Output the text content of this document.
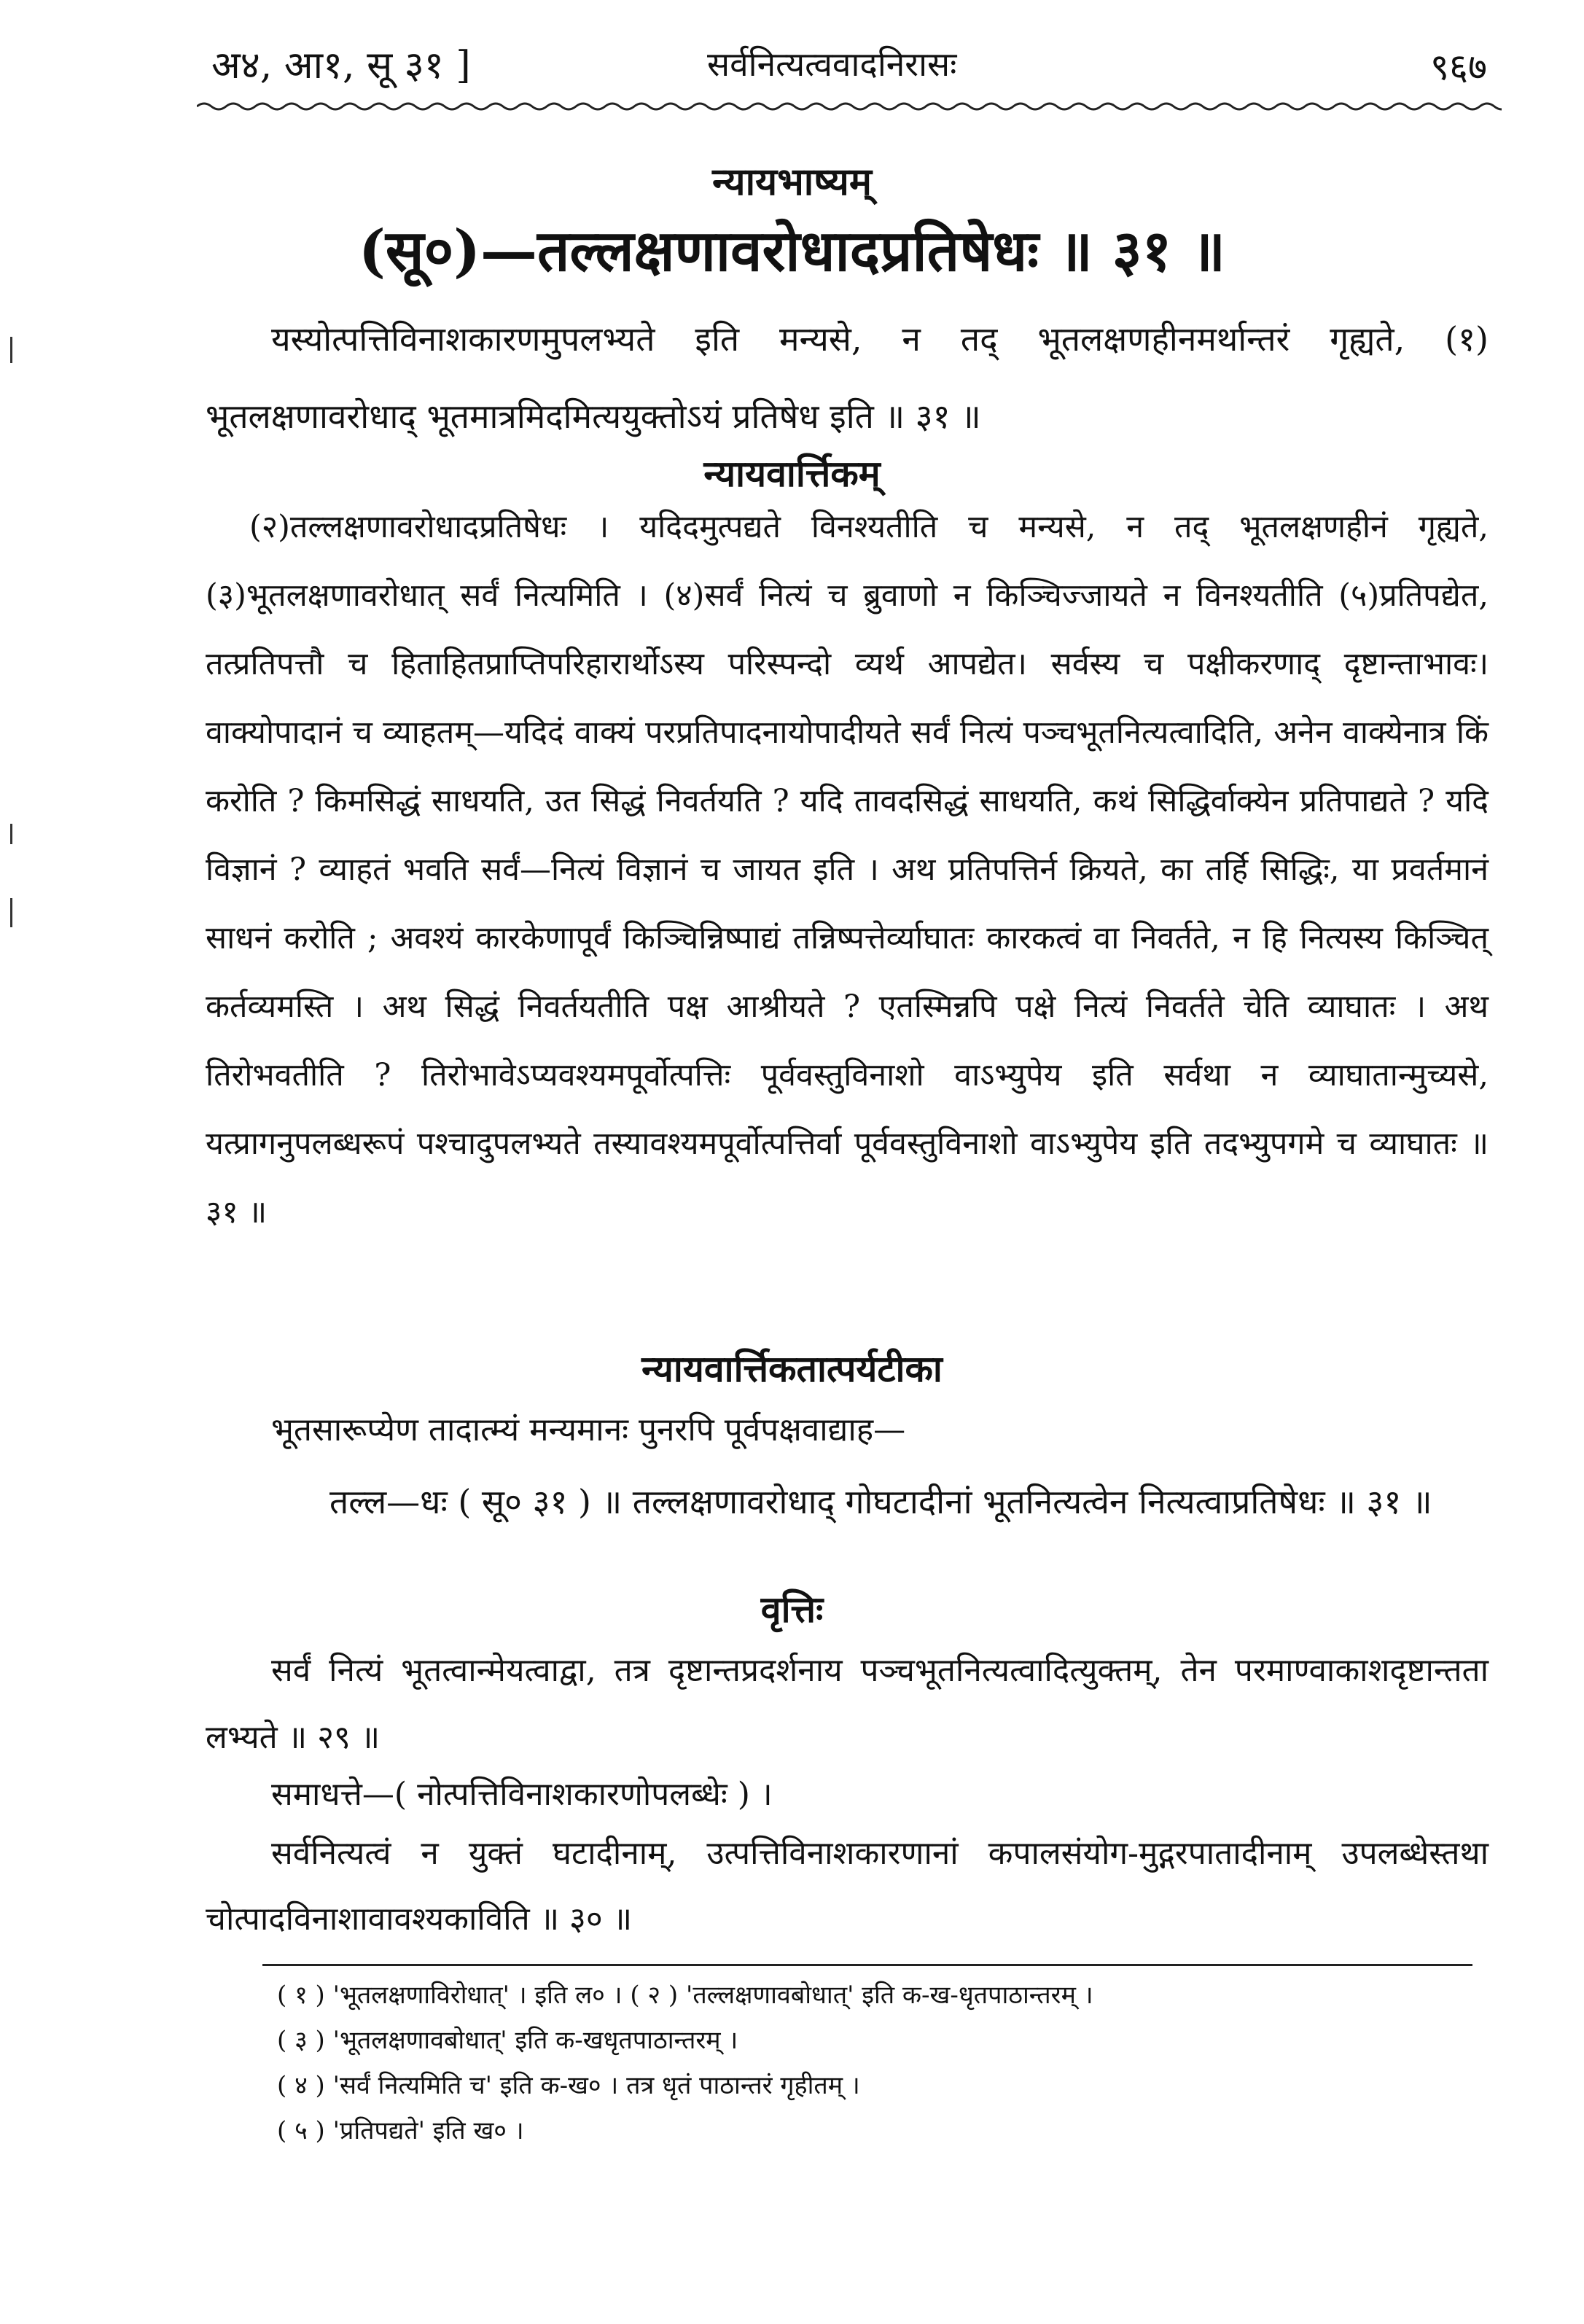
अ४, आ१, सू ३१ ]	सर्वनित्यत्ववादनिरासः	९६७
न्यायभाष्यम्
(सू०)—तल्लक्षणावरोधादप्रतिषेधः ॥ ३१ ॥
यस्योत्पत्तिविनाशकारणमुपलभ्यते इति मन्यसे, न तद् भूतलक्षणहीनमर्थान्तरं गृह्यते, (१) भूतलक्षणावरोधाद् भूतमात्रमिदमित्ययुक्तोऽयं प्रतिषेध इति ॥ ३१ ॥
न्यायवार्त्तिकम्
(२)तल्लक्षणावरोधादप्रतिषेधः । यदिदमुत्पद्यते विनश्यतीति च मन्यसे, न तद् भूतलक्षणहीनं गृह्यते, (३)भूतलक्षणावरोधात् सर्वं नित्यमिति । (४)सर्वं नित्यं च ब्रुवाणो न किञ्चिज्जायते न विनश्यतीति (५)प्रतिपद्येत, तत्प्रतिपत्तौ च हिताहितप्राप्तिपरिहारार्थोऽस्य परिस्पन्दो व्यर्थ आपद्येत। सर्वस्य च पक्षीकरणाद् दृष्टान्ताभावः। वाक्योपादानं च व्याहतम्—यदिदं वाक्यं परप्रतिपादनायोपादीयते सर्वं नित्यं पञ्चभूतनित्यत्वादिति, अनेन वाक्येनात्र किं करोति ? किमसिद्धं साधयति, उत सिद्धं निवर्तयति ? यदि तावदसिद्धं साधयति, कथं सिद्धिर्वाक्येन प्रतिपाद्यते ? यदि विज्ञानं ? व्याहतं भवति सर्वं—नित्यं विज्ञानं च जायत इति । अथ प्रतिपत्तिर्न क्रियते, का तर्हि सिद्धिः, या प्रवर्तमानं साधनं करोति ; अवश्यं कारकेणापूर्वं किञ्चिन्निष्पाद्यं तन्निष्पत्तेर्व्याघातः कारकत्वं वा निवर्तते, न हि नित्यस्य किञ्चित् कर्तव्यमस्ति । अथ सिद्धं निवर्तयतीति पक्ष आश्रीयते ? एतस्मिन्नपि पक्षे नित्यं निवर्तते चेति व्याघातः । अथ तिरोभवतीति ? तिरोभावेऽप्यवश्यमपूर्वोत्पत्तिः पूर्ववस्तुविनाशो वाऽभ्युपेय इति सर्वथा न व्याघातान्मुच्यसे, यत्प्रागनुपलब्धरूपं पश्चादुपलभ्यते तस्यावश्यमपूर्वोत्पत्तिर्वा पूर्ववस्तुविनाशो वाऽभ्युपेय इति तदभ्युपगमे च व्याघातः ॥ ३१ ॥
न्यायवार्त्तिकतात्पर्यटीका
भूतसारूप्येण तादात्म्यं मन्यमानः पुनरपि पूर्वपक्षवाद्याह—
तल्ल—धः ( सू० ३१ ) ॥ तल्लक्षणावरोधाद् गोघटादीनां भूतनित्यत्वेन नित्यत्वाप्रतिषेधः ॥ ३१ ॥
वृत्तिः
सर्वं नित्यं भूतत्वान्मेयत्वाद्वा, तत्र दृष्टान्तप्रदर्शनाय पञ्चभूतनित्यत्वादित्युक्तम्, तेन परमाण्वाकाशदृष्टान्तता लभ्यते ॥ २९ ॥
समाधत्ते—( नोत्पत्तिविनाशकारणोपलब्धेः ) ।
सर्वनित्यत्वं न युक्तं घटादीनाम्, उत्पत्तिविनाशकारणानां कपालसंयोग-मुद्गरपातादीनाम् उपलब्धेस्तथा चोत्पादविनाशावावश्यकाविति ॥ ३० ॥
( १ ) 'भूतलक्षणाविरोधात्' । इति ल० । ( २ ) 'तल्लक्षणावबोधात्' इति क-ख-धृतपाठान्तरम् ।
( ३ ) 'भूतलक्षणावबोधात्' इति क-खधृतपाठान्तरम् ।
( ४ ) 'सर्वं नित्यमिति च' इति क-ख० । तत्र धृतं पाठान्तरं गृहीतम् ।
( ५ ) 'प्रतिपद्यते' इति ख० ।
